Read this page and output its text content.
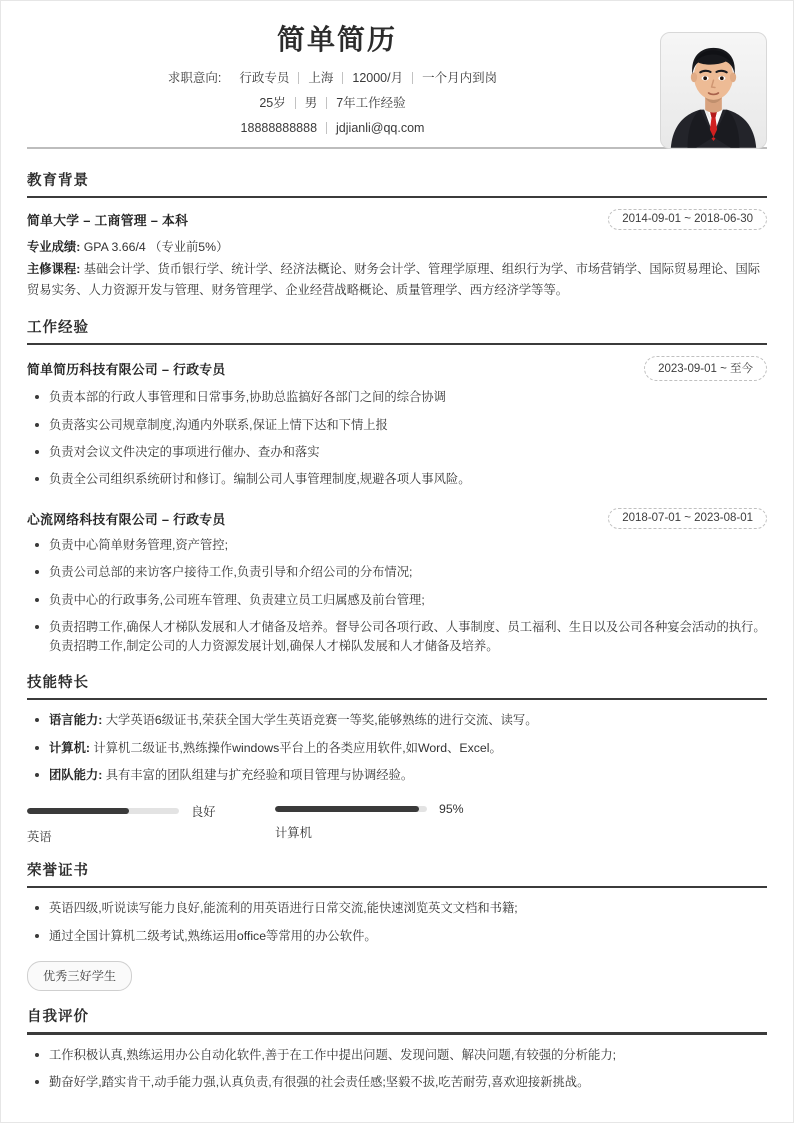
简单简历
求职意向: 行政专员 上海 12000/月 一个月内到岗
25岁 男 7年工作经验
18888888888 jdjianli@qq.com
教育背景
简单大学 – 工商管理 – 本科	2014-09-01 ~ 2018-06-30
专业成绩: GPA 3.66/4 （专业前5%）
主修课程: 基础会计学、货币银行学、统计学、经济法概论、财务会计学、管理学原理、组织行为学、市场营销学、国际贸易理论、国际贸易实务、人力资源开发与管理、财务管理学、企业经营战略概论、质量管理学、西方经济学等等。
工作经验
简单简历科技有限公司 – 行政专员	2023-09-01 ~ 至今
负责本部的行政人事管理和日常事务,协助总监搞好各部门之间的综合协调
负责落实公司规章制度,沟通内外联系,保证上情下达和下情上报
负责对会议文件决定的事项进行催办、查办和落实
负责全公司组织系统研讨和修订。编制公司人事管理制度,规避各项人事风险。
心流网络科技有限公司 – 行政专员	2018-07-01 ~ 2023-08-01
负责中心简单财务管理,资产管控;
负责公司总部的来访客户接待工作,负责引导和介绍公司的分布情况;
负责中心的行政事务,公司班车管理、负责建立员工归属感及前台管理;
负责招聘工作,确保人才梯队发展和人才储备及培养。督导公司各项行政、人事制度、员工福利、生日以及公司各种宴会活动的执行。负责招聘工作,制定公司的人力资源发展计划,确保人才梯队发展和人才储备及培养。
技能特长
语言能力: 大学英语6级证书,荣获全国大学生英语竞赛一等奖,能够熟练的进行交流、读写。
计算机: 计算机二级证书,熟练操作windows平台上的各类应用软件,如Word、Excel。
团队能力: 具有丰富的团队组建与扩充经验和项目管理与协调经验。
良好
英语
95%
计算机
荣誉证书
英语四级,听说读写能力良好,能流利的用英语进行日常交流,能快速浏览英文文档和书籍;
通过全国计算机二级考试,熟练运用office等常用的办公软件。
优秀三好学生
自我评价
工作积极认真,熟练运用办公自动化软件,善于在工作中提出问题、发现问题、解决问题,有较强的分析能力;
勤奋好学,踏实肯干,动手能力强,认真负责,有很强的社会责任感;坚毅不拔,吃苦耐劳,喜欢迎接新挑战。
